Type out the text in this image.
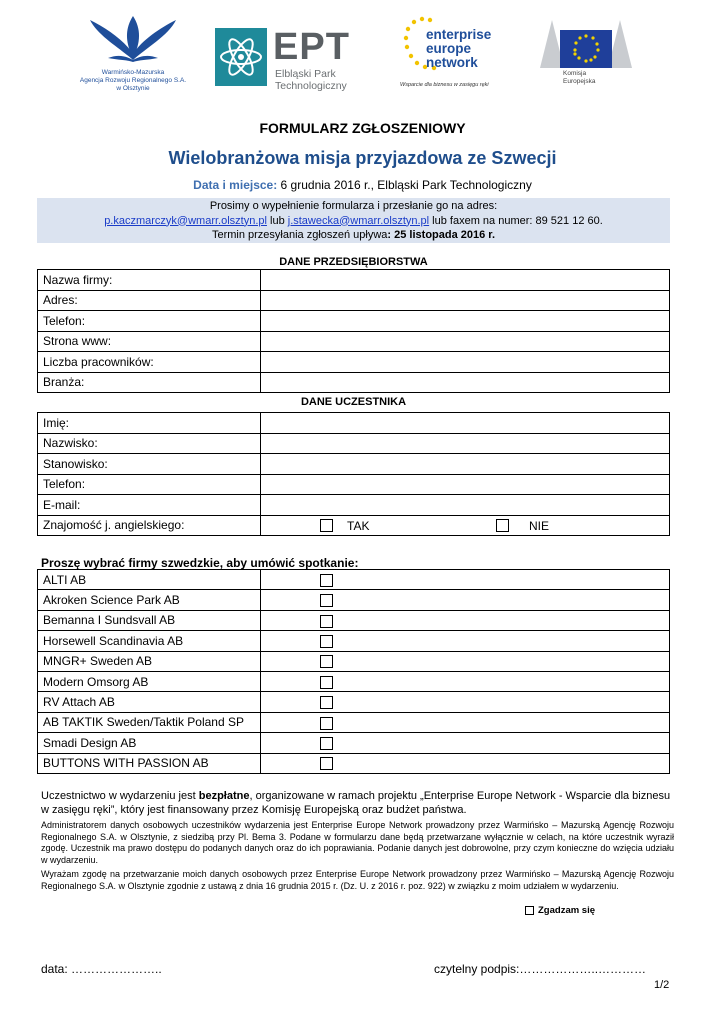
Warmińsko-Mazurska
Agencja Rozwoju Regionalnego S.A.
w Olsztynie
EPT
Elbląski Park
Technologiczny
enterprise
europe
network
Wsparcie dla biznesu w zasięgu ręki
Komisja
Europejska
FORMULARZ ZGŁOSZENIOWY
Wielobranżowa misja przyjazdowa ze Szwecji
Data i miejsce: 6 grudnia 2016 r., Elbląski Park Technologiczny
Prosimy o wypełnienie formularza i przesłanie go na adres:
p.kaczmarczyk@wmarr.olsztyn.pl lub j.stawecka@wmarr.olsztyn.pl lub faxem na numer: 89 521 12 60.
Termin przesyłania zgłoszeń upływa: 25 listopada 2016 r.
DANE PRZEDSIĘBIORSTWA
Nazwa firmy:	
Adres:	
Telefon:	
Strona www:	
Liczba pracowników:	
Branża:	
DANE UCZESTNIKA
Imię:	
Nazwisko:	
Stanowisko:	
Telefon:	
E-mail:	
Znajomość j. angielskiego:	TAK NIE
Proszę wybrać firmy szwedzkie, aby umówić spotkanie:
ALTI AB	
Akroken Science Park AB	
Bemanna I Sundsvall AB	
Horsewell Scandinavia AB	
MNGR+ Sweden AB	
Modern Omsorg AB	
RV Attach AB	
AB TAKTIK Sweden/Taktik Poland SP	
Smadi Design AB	
BUTTONS WITH PASSION AB	
Uczestnictwo w wydarzeniu jest bezpłatne, organizowane w ramach projektu „Enterprise Europe Network - Wsparcie dla biznesu w zasięgu ręki”, który jest finansowany przez Komisję Europejską oraz budżet państwa.
Administratorem danych osobowych uczestników wydarzenia jest Enterprise Europe Network prowadzony przez Warmińsko – Mazurską Agencję Rozwoju Regionalnego S.A. w Olsztynie, z siedzibą przy Pl. Bema 3. Podane w formularzu dane będą przetwarzane wyłącznie w celach, na które uczestnik wyraził zgodę. Uczestnik ma prawo dostępu do podanych danych oraz do ich poprawiania. Podanie danych jest dobrowolne, przy czym konieczne do wzięcia udziału w wydarzeniu.
Wyrażam zgodę na przetwarzanie moich danych osobowych przez Enterprise Europe Network prowadzony przez Warmińsko – Mazurską Agencję Rozwoju Regionalnego S.A. w Olsztynie zgodnie z ustawą z dnia 16 grudnia 2015 r. (Dz. U. z 2016 r. poz. 922) w związku z moim udziałem w wydarzeniu.
Zgadzam się
data: …………………..	czytelny podpis:………………..…………
1/2
